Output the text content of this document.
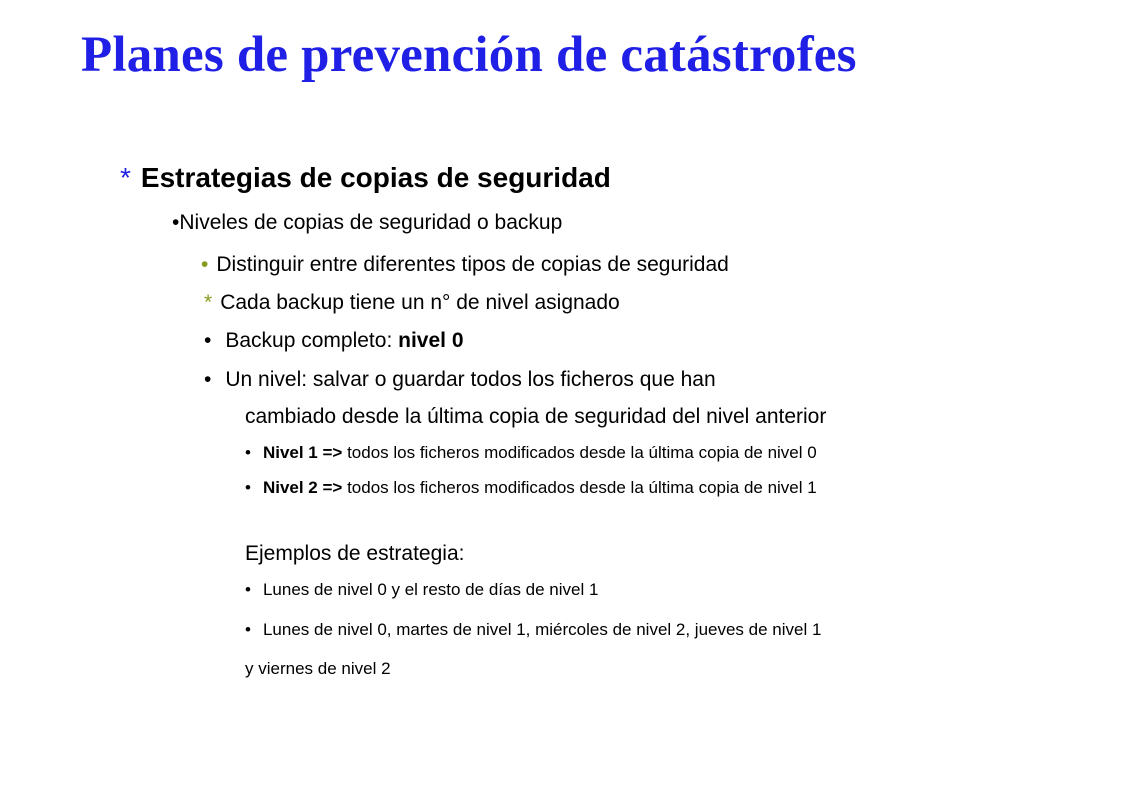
Planes de prevención de catástrofes
* Estrategias de copias de seguridad
•Niveles de copias de seguridad o backup
• Distinguir entre diferentes tipos de copias de seguridad
* Cada backup tiene un n° de nivel asignado
• Backup completo: nivel 0
• Un nivel: salvar o guardar todos los ficheros que han
cambiado desde la última copia de seguridad del nivel anterior
• Nivel 1 => todos los ficheros modificados desde la última copia de nivel 0
• Nivel 2 => todos los ficheros modificados desde la última copia de nivel 1
Ejemplos de estrategia:
• Lunes de nivel 0 y el resto de días de nivel 1
• Lunes de nivel 0, martes de nivel 1, miércoles de nivel 2, jueves de nivel 1
y viernes de nivel 2
